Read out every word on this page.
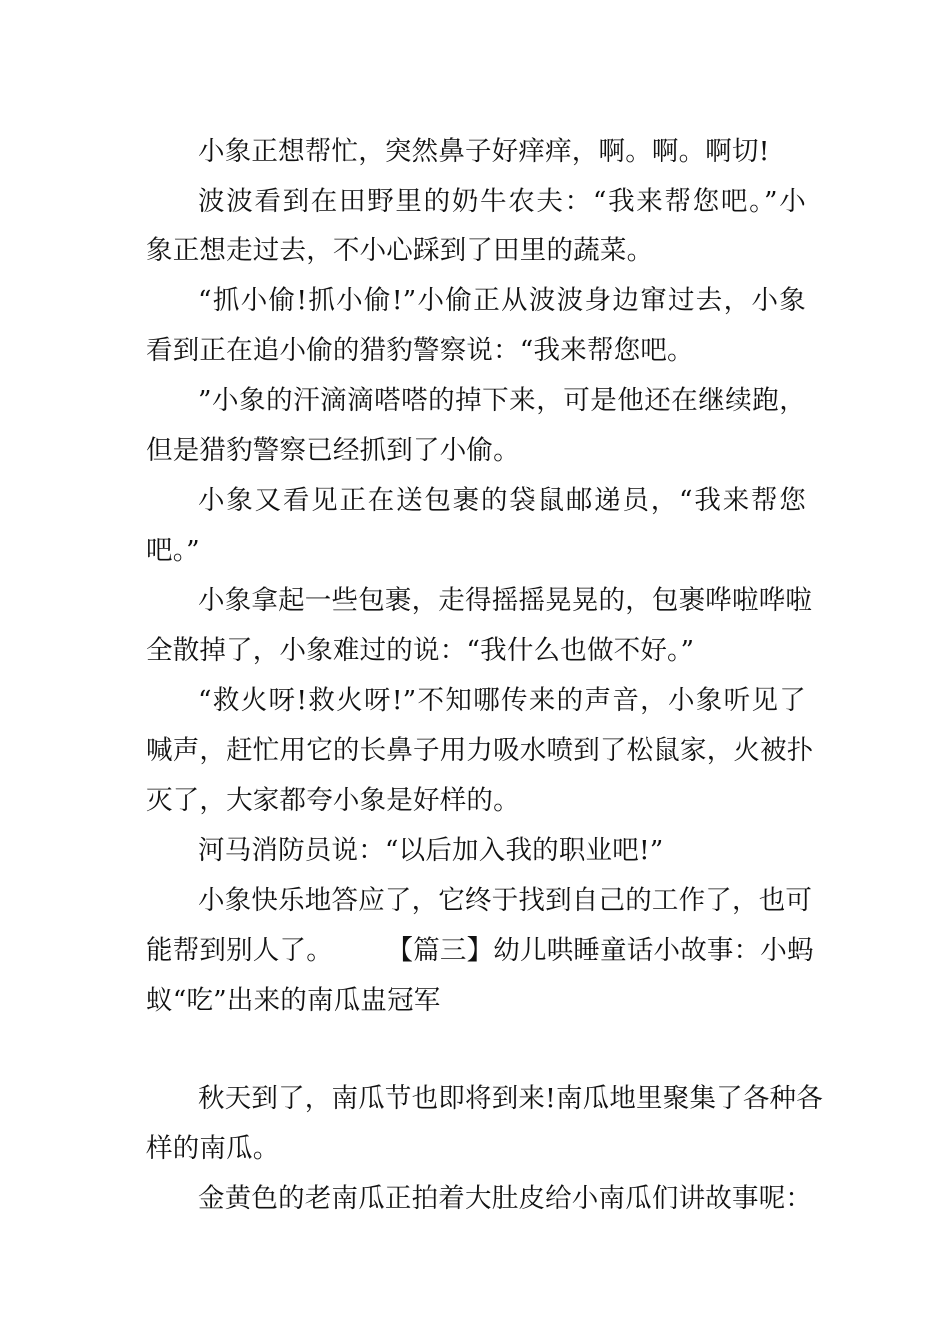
小象正想帮忙，突然鼻子好痒痒，啊。啊。啊切!
波波看到在田野里的奶牛农夫：“我来帮您吧。”小
象正想走过去，不小心踩到了田里的蔬菜。
“抓小偷!抓小偷!”小偷正从波波身边窜过去，小象
看到正在追小偷的猎豹警察说：“我来帮您吧。
”小象的汗滴滴嗒嗒的掉下来，可是他还在继续跑，
但是猎豹警察已经抓到了小偷。
小象又看见正在送包裹的袋鼠邮递员，“我来帮您
吧。”
小象拿起一些包裹，走得摇摇晃晃的，包裹哗啦哗啦
全散掉了，小象难过的说：“我什么也做不好。”
“救火呀!救火呀!”不知哪传来的声音，小象听见了
喊声，赶忙用它的长鼻子用力吸水喷到了松鼠家，火被扑
灭了，大家都夸小象是好样的。
河马消防员说：“以后加入我的职业吧!”
小象快乐地答应了，它终于找到自己的工作了，也可
能帮到别人了。　　　【篇三】幼儿哄睡童话小故事：小蚂
蚁“吃”出来的南瓜盅冠军
秋天到了，南瓜节也即将到来!南瓜地里聚集了各种各
样的南瓜。
金黄色的老南瓜正拍着大肚皮给小南瓜们讲故事呢：
